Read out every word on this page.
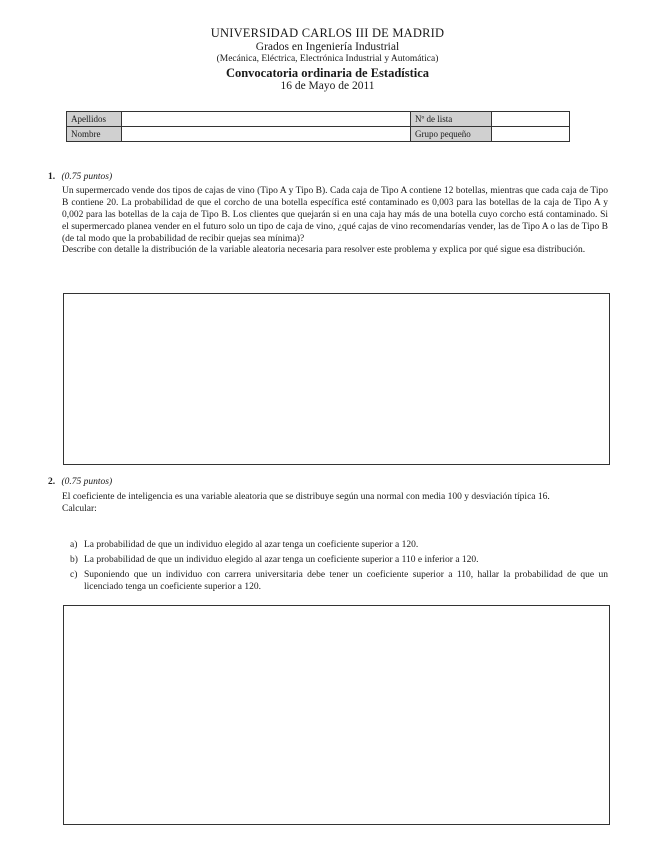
UNIVERSIDAD CARLOS III DE MADRID
Grados en Ingeniería Industrial
(Mecánica, Eléctrica, Electrónica Industrial y Automática)
Convocatoria ordinaria de Estadística
16 de Mayo de 2011
Apellidos		Nº de lista	
Nombre		Grupo pequeño	
1. (0.75 puntos)

Un supermercado vende dos tipos de cajas de vino (Tipo A y Tipo B). Cada caja de Tipo A contiene 12 botellas, mientras que cada caja de Tipo B contiene 20. La probabilidad de que el corcho de una botella específica esté contaminado es 0,003 para las botellas de la caja de Tipo A y 0,002 para las botellas de la caja de Tipo B. Los clientes que quejarán si en una caja hay más de una botella cuyo corcho está contaminado. Si el supermercado planea vender en el futuro solo un tipo de caja de vino, ¿qué cajas de vino recomendarías vender, las de Tipo A o las de Tipo B (de tal modo que la probabilidad de recibir quejas sea mínima)?

Describe con detalle la distribución de la variable aleatoria necesaria para resolver este problema y explica por qué sigue esa distribución.

2. (0.75 puntos)

El coeficiente de inteligencia es una variable aleatoria que se distribuye según una normal con media 100 y desviación típica 16.

Calcular:

a) La probabilidad de que un individuo elegido al azar tenga un coeficiente superior a 120.
b) La probabilidad de que un individuo elegido al azar tenga un coeficiente superior a 110 e inferior a 120.
c) Suponiendo que un individuo con carrera universitaria debe tener un coeficiente superior a 110, hallar la probabilidad de que un licenciado tenga un coeficiente superior a 120.
